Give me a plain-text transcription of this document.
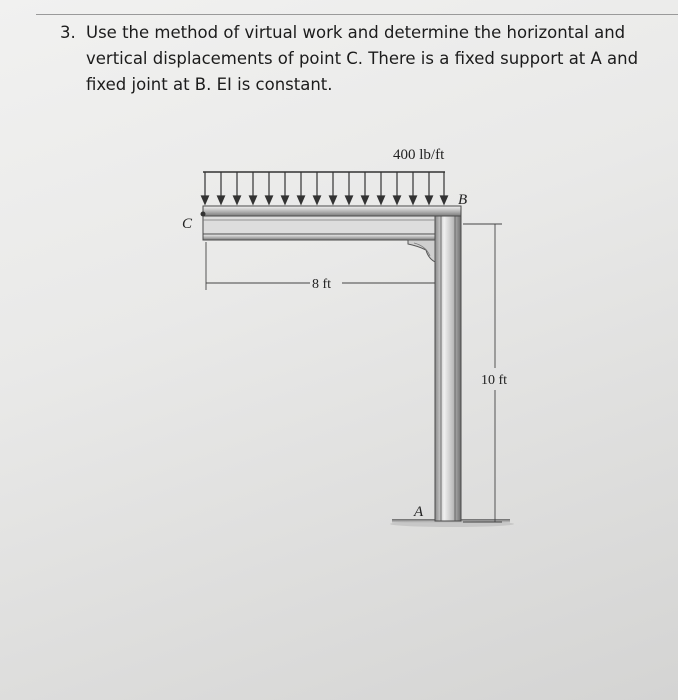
3. Use the method of virtual work and determine the horizontal and vertical displacements of point C. There is a fixed support at A and fixed joint at B. EI is constant.
400 lb/ft
C
B
A
8 ft
10 ft
